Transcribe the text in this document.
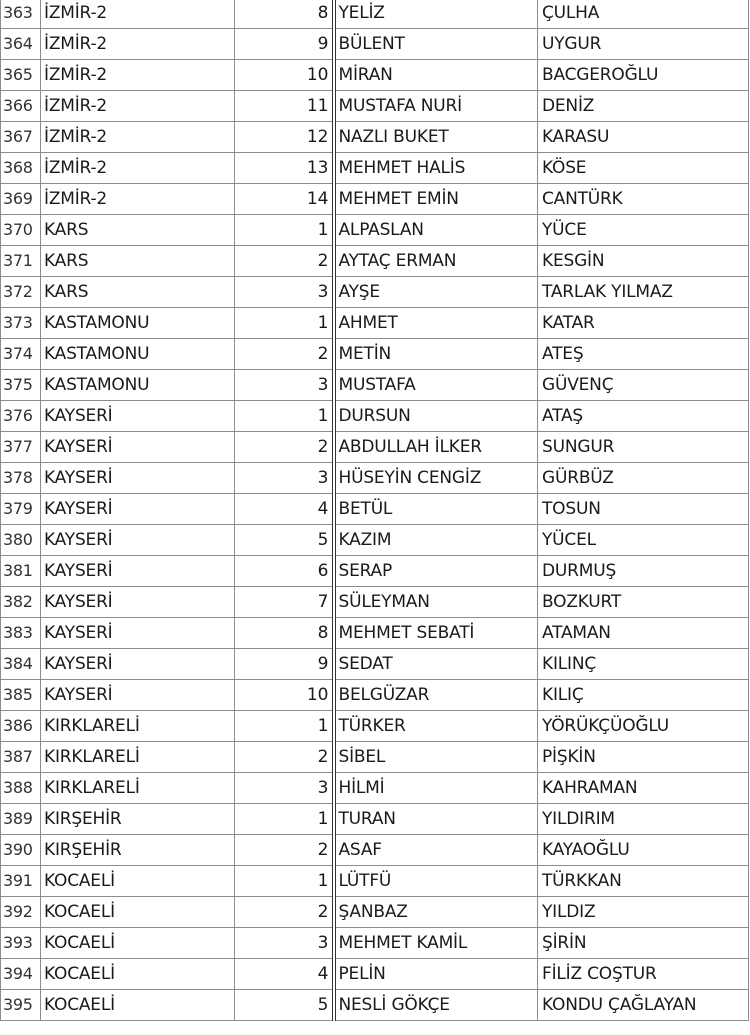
363	İZMİR-2	8	YELİZ	ÇULHA
364	İZMİR-2	9	BÜLENT	UYGUR
365	İZMİR-2	10	MİRAN	BACGEROĞLU
366	İZMİR-2	11	MUSTAFA NURİ	DENİZ
367	İZMİR-2	12	NAZLI BUKET	KARASU
368	İZMİR-2	13	MEHMET HALİS	KÖSE
369	İZMİR-2	14	MEHMET EMİN	CANTÜRK
370	KARS	1	ALPASLAN	YÜCE
371	KARS	2	AYTAÇ ERMAN	KESGİN
372	KARS	3	AYŞE	TARLAK YILMAZ
373	KASTAMONU	1	AHMET	KATAR
374	KASTAMONU	2	METİN	ATEŞ
375	KASTAMONU	3	MUSTAFA	GÜVENÇ
376	KAYSERİ	1	DURSUN	ATAŞ
377	KAYSERİ	2	ABDULLAH İLKER	SUNGUR
378	KAYSERİ	3	HÜSEYİN CENGİZ	GÜRBÜZ
379	KAYSERİ	4	BETÜL	TOSUN
380	KAYSERİ	5	KAZIM	YÜCEL
381	KAYSERİ	6	SERAP	DURMUŞ
382	KAYSERİ	7	SÜLEYMAN	BOZKURT
383	KAYSERİ	8	MEHMET SEBATİ	ATAMAN
384	KAYSERİ	9	SEDAT	KILINÇ
385	KAYSERİ	10	BELGÜZAR	KILIÇ
386	KIRKLARELİ	1	TÜRKER	YÖRÜKÇÜOĞLU
387	KIRKLARELİ	2	SİBEL	PİŞKİN
388	KIRKLARELİ	3	HİLMİ	KAHRAMAN
389	KIRŞEHİR	1	TURAN	YILDIRIM
390	KIRŞEHİR	2	ASAF	KAYAOĞLU
391	KOCAELİ	1	LÜTFÜ	TÜRKKAN
392	KOCAELİ	2	ŞANBAZ	YILDIZ
393	KOCAELİ	3	MEHMET KAMİL	ŞİRİN
394	KOCAELİ	4	PELİN	FİLİZ COŞTUR
395	KOCAELİ	5	NESLİ GÖKÇE	KONDU ÇAĞLAYAN
